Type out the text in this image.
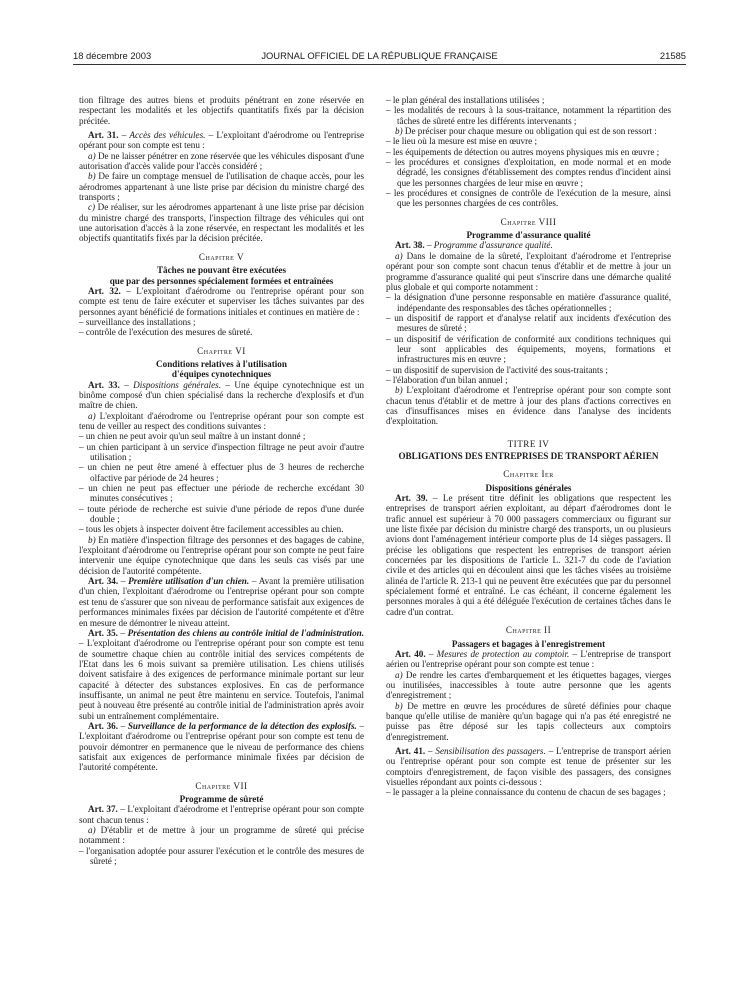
18 décembre 2003	JOURNAL OFFICIEL DE LA RÉPUBLIQUE FRANÇAISE	21585

tion filtrage des autres biens et produits pénétrant en zone réservée en respectant les modalités et les objectifs quantitatifs fixés par la décision précitée.

Art. 31. – Accès des véhicules. – L'exploitant d'aérodrome ou l'entreprise opérant pour son compte est tenu :

a) De ne laisser pénétrer en zone réservée que les véhicules disposant d'une autorisation d'accès valide pour l'accès considéré ;

b) De faire un comptage mensuel de l'utilisation de chaque accès, pour les aérodromes appartenant à une liste prise par décision du ministre chargé des transports ;

c) De réaliser, sur les aérodromes appartenant à une liste prise par décision du ministre chargé des transports, l'inspection filtrage des véhicules qui ont une autorisation d'accès à la zone réservée, en respectant les modalités et les objectifs quantitatifs fixés par la décision précitée.

Chapitre V
Tâches ne pouvant être exécutées
que par des personnes spécialement formées et entraînées

Art. 32. – L'exploitant d'aérodrome ou l'entreprise opérant pour son compte est tenu de faire exécuter et superviser les tâches suivantes par des personnes ayant bénéficié de formations initiales et continues en matière de :

– surveillance des installations ;
– contrôle de l'exécution des mesures de sûreté.
Chapitre VI
Conditions relatives à l'utilisation
d'équipes cynotechniques

Art. 33. – Dispositions générales. – Une équipe cynotechnique est un binôme composé d'un chien spécialisé dans la recherche d'explosifs et d'un maître de chien.

a) L'exploitant d'aérodrome ou l'entreprise opérant pour son compte est tenu de veiller au respect des conditions suivantes :

– un chien ne peut avoir qu'un seul maître à un instant donné ;
– un chien participant à un service d'inspection filtrage ne peut avoir d'autre utilisation ;
– un chien ne peut être amené à effectuer plus de 3 heures de recherche olfactive par période de 24 heures ;
– un chien ne peut pas effectuer une période de recherche excédant 30 minutes consécutives ;
– toute période de recherche est suivie d'une période de repos d'une durée double ;
– tous les objets à inspecter doivent être facilement accessibles au chien.

b) En matière d'inspection filtrage des personnes et des bagages de cabine, l'exploitant d'aérodrome ou l'entreprise opérant pour son compte ne peut faire intervenir une équipe cynotechnique que dans les seuls cas visés par une décision de l'autorité compétente.

Art. 34. – Première utilisation d'un chien. – Avant la première utilisation d'un chien, l'exploitant d'aérodrome ou l'entreprise opérant pour son compte est tenu de s'assurer que son niveau de performance satisfait aux exigences de performances minimales fixées par décision de l'autorité compétente et d'être en mesure de démontrer le niveau atteint.

Art. 35. – Présentation des chiens au contrôle initial de l'administration. – L'exploitant d'aérodrome ou l'entreprise opérant pour son compte est tenu de soumettre chaque chien au contrôle initial des services compétents de l'Etat dans les 6 mois suivant sa première utilisation. Les chiens utilisés doivent satisfaire à des exigences de performance minimale portant sur leur capacité à détecter des substances explosives. En cas de performance insuffisante, un animal ne peut être maintenu en service. Toutefois, l'animal peut à nouveau être présenté au contrôle initial de l'administration après avoir subi un entraînement complémentaire.

Art. 36. – Surveillance de la performance de la détection des explosifs. – L'exploitant d'aérodrome ou l'entreprise opérant pour son compte est tenu de pouvoir démontrer en permanence que le niveau de performance des chiens satisfait aux exigences de performance minimale fixées par décision de l'autorité compétente.

Chapitre VII
Programme de sûreté

Art. 37. – L'exploitant d'aérodrome et l'entreprise opérant pour son compte sont chacun tenus :

a) D'établir et de mettre à jour un programme de sûreté qui précise notamment :

– l'organisation adoptée pour assurer l'exécution et le contrôle des mesures de sûreté ;
– le plan général des installations utilisées ;
– les modalités de recours à la sous-traitance, notamment la répartition des tâches de sûreté entre les différents intervenants ;

b) De préciser pour chaque mesure ou obligation qui est de son ressort :

– le lieu où la mesure est mise en œuvre ;
– les équipements de détection ou autres moyens physiques mis en œuvre ;
– les procédures et consignes d'exploitation, en mode normal et en mode dégradé, les consignes d'établissement des comptes rendus d'incident ainsi que les personnes chargées de leur mise en œuvre ;
– les procédures et consignes de contrôle de l'exécution de la mesure, ainsi que les personnes chargées de ces contrôles.
Chapitre VIII
Programme d'assurance qualité

Art. 38. – Programme d'assurance qualité.

a) Dans le domaine de la sûreté, l'exploitant d'aérodrome et l'entreprise opérant pour son compte sont chacun tenus d'établir et de mettre à jour un programme d'assurance qualité qui peut s'inscrire dans une démarche qualité plus globale et qui comporte notamment :

– la désignation d'une personne responsable en matière d'assurance qualité, indépendante des responsables des tâches opérationnelles ;
– un dispositif de rapport et d'analyse relatif aux incidents d'exécution des mesures de sûreté ;
– un dispositif de vérification de conformité aux conditions techniques qui leur sont applicables des équipements, moyens, formations et infrastructures mis en œuvre ;
– un dispositif de supervision de l'activité des sous-traitants ;
– l'élaboration d'un bilan annuel ;

b) L'exploitant d'aérodrome et l'entreprise opérant pour son compte sont chacun tenus d'établir et de mettre à jour des plans d'actions correctives en cas d'insuffisances mises en évidence dans l'analyse des incidents d'exploitation.

TITRE IV
OBLIGATIONS DES ENTREPRISES DE TRANSPORT AÉRIEN
Chapitre Ier
Dispositions générales

Art. 39. – Le présent titre définit les obligations que respectent les entreprises de transport aérien exploitant, au départ d'aérodromes dont le trafic annuel est supérieur à 70 000 passagers commerciaux ou figurant sur une liste fixée par décision du ministre chargé des transports, un ou plusieurs avions dont l'aménagement intérieur comporte plus de 14 sièges passagers. Il précise les obligations que respectent les entreprises de transport aérien concernées par les dispositions de l'article L. 321-7 du code de l'aviation civile et des articles qui en découlent ainsi que les tâches visées au troisième alinéa de l'article R. 213-1 qui ne peuvent être exécutées que par du personnel spécialement formé et entraîné. Le cas échéant, il concerne également les personnes morales à qui a été déléguée l'exécution de certaines tâches dans le cadre d'un contrat.

Chapitre II
Passagers et bagages à l'enregistrement

Art. 40. – Mesures de protection au comptoir. – L'entreprise de transport aérien ou l'entreprise opérant pour son compte est tenue :

a) De rendre les cartes d'embarquement et les étiquettes bagages, vierges ou inutilisées, inaccessibles à toute autre personne que les agents d'enregistrement ;

b) De mettre en œuvre les procédures de sûreté définies pour chaque banque qu'elle utilise de manière qu'un bagage qui n'a pas été enregistré ne puisse pas être déposé sur les tapis collecteurs aux comptoirs d'enregistrement.

Art. 41. – Sensibilisation des passagers. – L'entreprise de transport aérien ou l'entreprise opérant pour son compte est tenue de présenter sur les comptoirs d'enregistrement, de façon visible des passagers, des consignes visuelles répondant aux points ci-dessous :

– le passager a la pleine connaissance du contenu de chacun de ses bagages ;
